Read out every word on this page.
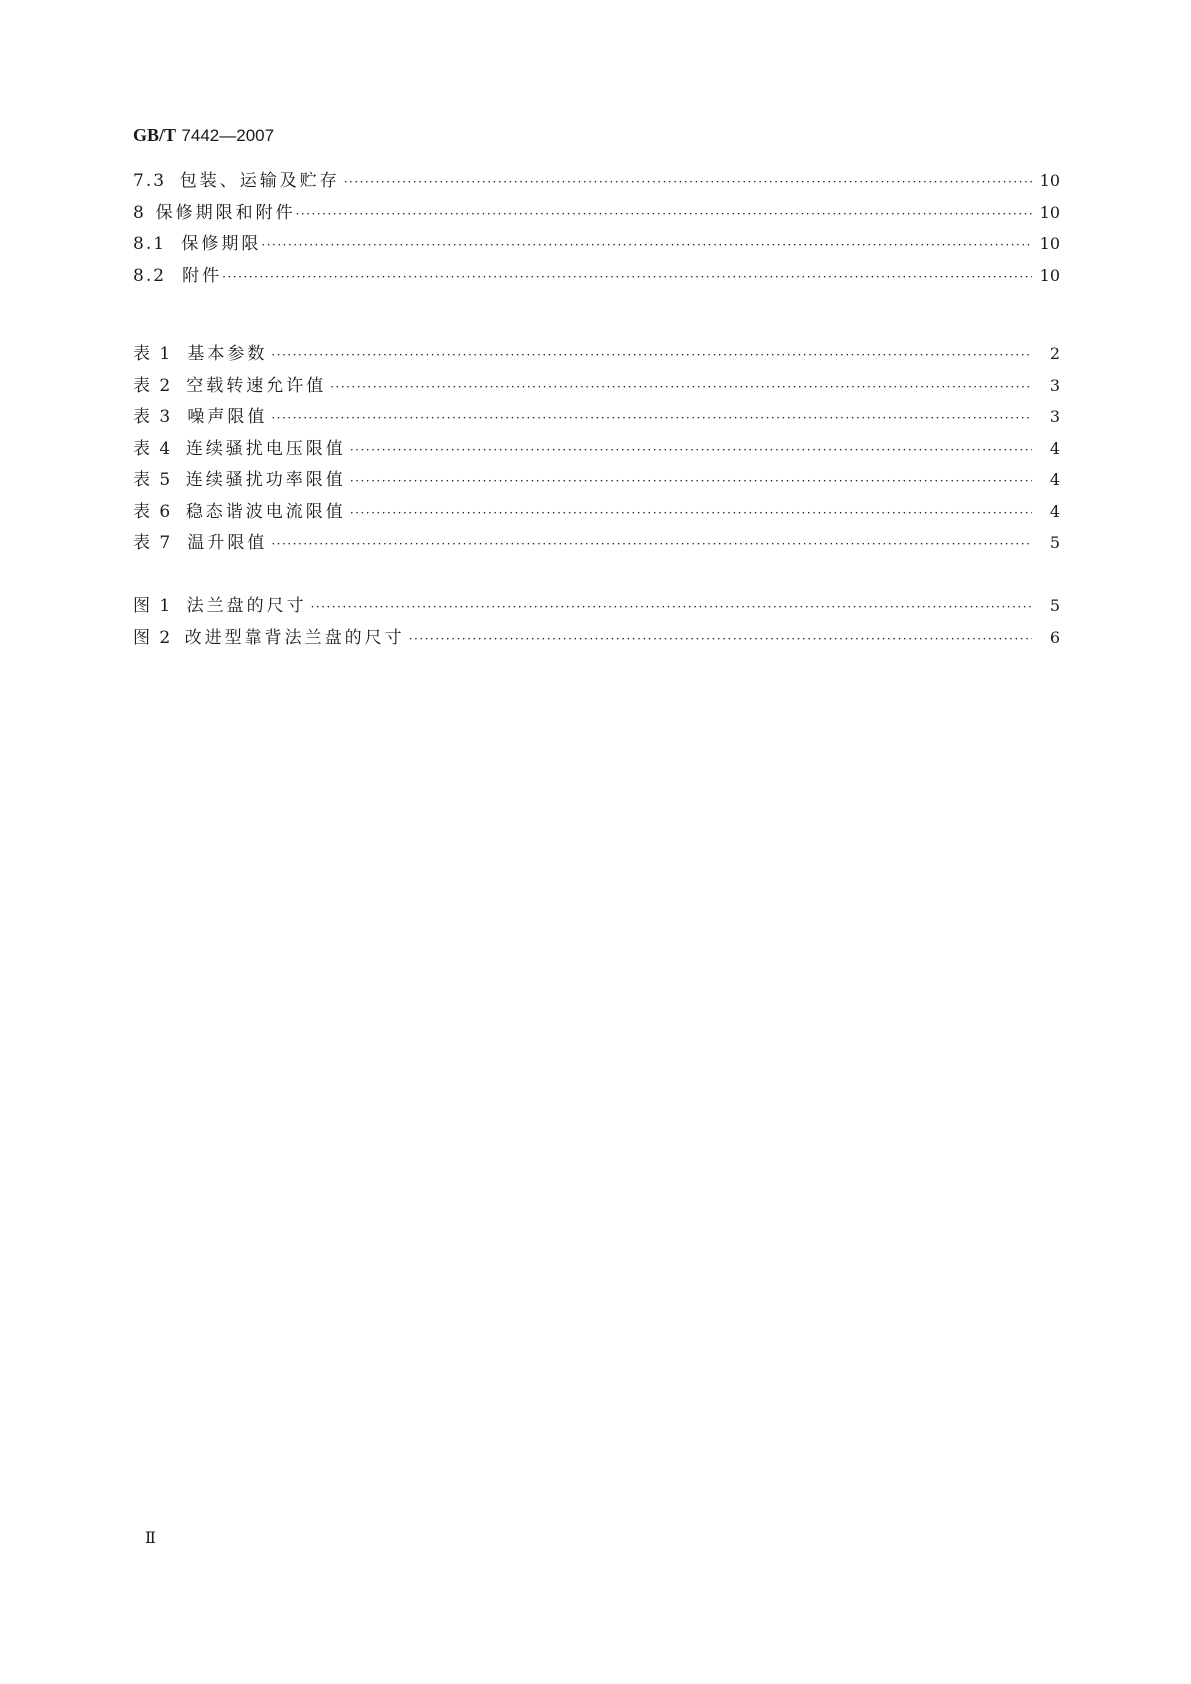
GB/T 7442—2007
7.3 包装、运输及贮存 ·····	10
8 保修期限和附件 ·····	10
8.1 保修期限 ·····	10
8.2 附件 ·····	10
表 1 基本参数 ·····	2
表 2 空载转速允许值 ·····	3
表 3 噪声限值 ·····	3
表 4 连续骚扰电压限值 ·····	4
表 5 连续骚扰功率限值 ·····	4
表 6 稳态谐波电流限值 ·····	4
表 7 温升限值 ·····	5
图 1 法兰盘的尺寸 ·····	5
图 2 改进型靠背法兰盘的尺寸 ·····	6
Ⅱ
